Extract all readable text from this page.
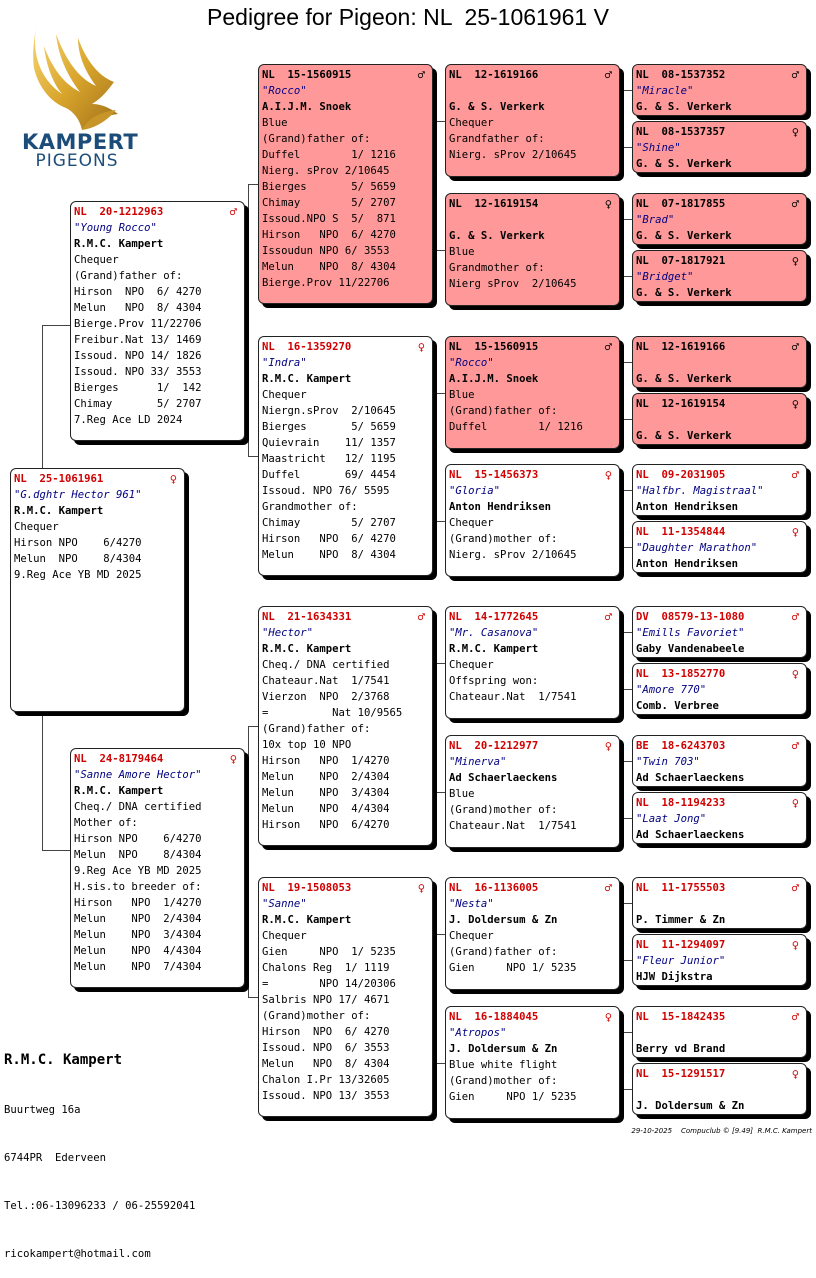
Pedigree for Pigeon: NL  25-1061961 V
KAMPERT
PIGEONS
NL  25-1061961	♀
"G.dghtr Hector 961"
R.M.C. Kampert
Chequer
Hirson NPO    6/4270
Melun  NPO    8/4304
9.Reg Ace YB MD 2025
NL  20-1212963	♂
"Young Rocco"
R.M.C. Kampert
Chequer
(Grand)father of:
Hirson  NPO  6/ 4270
Melun   NPO  8/ 4304
Bierge.Prov 11/22706
Freibur.Nat 13/ 1469
Issoud. NPO 14/ 1826
Issoud. NPO 33/ 3553
Bierges      1/  142
Chimay       5/ 2707
7.Reg Ace LD 2024
NL  24-8179464	♀
"Sanne Amore Hector"
R.M.C. Kampert
Cheq./ DNA certified
Mother of:
Hirson NPO    6/4270
Melun  NPO    8/4304
9.Reg Ace YB MD 2025
H.sis.to breeder of:
Hirson   NPO  1/4270
Melun    NPO  2/4304
Melun    NPO  3/4304
Melun    NPO  4/4304
Melun    NPO  7/4304
NL  15-1560915	♂
"Rocco"
A.I.J.M. Snoek
Blue
(Grand)father of:
Duffel        1/ 1216
Nierg. sProv 2/10645
Bierges       5/ 5659
Chimay        5/ 2707
Issoud.NPO S  5/  871
Hirson   NPO  6/ 4270
Issoudun NPO 6/ 3553
Melun    NPO  8/ 4304
Bierge.Prov 11/22706
NL  16-1359270	♀
"Indra"
R.M.C. Kampert
Chequer
Niergn.sProv  2/10645
Bierges       5/ 5659
Quievrain    11/ 1357
Maastricht   12/ 1195
Duffel       69/ 4454
Issoud. NPO 76/ 5595
Grandmother of:
Chimay        5/ 2707
Hirson   NPO  6/ 4270
Melun    NPO  8/ 4304
NL  21-1634331	♂
"Hector"
R.M.C. Kampert
Cheq./ DNA certified
Chateaur.Nat  1/7541
Vierzon  NPO  2/3768
=          Nat 10/9565
(Grand)father of:
10x top 10 NPO
Hirson   NPO  1/4270
Melun    NPO  2/4304
Melun    NPO  3/4304
Melun    NPO  4/4304
Hirson   NPO  6/4270
NL  19-1508053	♀
"Sanne"
R.M.C. Kampert
Chequer
Gien     NPO  1/ 5235
Chalons Reg  1/ 1119
=        NPO 14/20306
Salbris NPO 17/ 4671
(Grand)mother of:
Hirson  NPO  6/ 4270
Issoud. NPO  6/ 3553
Melun   NPO  8/ 4304
Chalon I.Pr 13/32605
Issoud. NPO 13/ 3553
NL  12-1619166	♂
G. & S. Verkerk
Chequer
Grandfather of:
Nierg. sProv 2/10645
NL  12-1619154	♀
G. & S. Verkerk
Blue
Grandmother of:
Nierg sProv  2/10645
NL  15-1560915	♂
"Rocco"
A.I.J.M. Snoek
Blue
(Grand)father of:
Duffel        1/ 1216
NL  15-1456373	♀
"Gloria"
Anton Hendriksen
Chequer
(Grand)mother of:
Nierg. sProv 2/10645
NL  14-1772645	♂
"Mr. Casanova"
R.M.C. Kampert
Chequer
Offspring won:
Chateaur.Nat  1/7541
NL  20-1212977	♀
"Minerva"
Ad Schaerlaeckens
Blue
(Grand)mother of:
Chateaur.Nat  1/7541
NL  16-1136005	♂
"Nesta"
J. Doldersum & Zn
Chequer
(Grand)father of:
Gien     NPO 1/ 5235
NL  16-1884045	♀
"Atropos"
J. Doldersum & Zn
Blue white flight
(Grand)mother of:
Gien     NPO 1/ 5235
NL  08-1537352	♂
"Miracle"
G. & S. Verkerk
NL  08-1537357	♀
"Shine"
G. & S. Verkerk
NL  07-1817855	♂
"Brad"
G. & S. Verkerk
NL  07-1817921	♀
"Bridget"
G. & S. Verkerk
NL  12-1619166	♂
G. & S. Verkerk
NL  12-1619154	♀
G. & S. Verkerk
NL  09-2031905	♂
"Halfbr. Magistraal"
Anton Hendriksen
NL  11-1354844	♀
"Daughter Marathon"
Anton Hendriksen
DV  08579-13-1080	♂
"Emills Favoriet"
Gaby Vandenabeele
NL  13-1852770	♀
"Amore 770"
Comb. Verbree
BE  18-6243703	♂
"Twin 703"
Ad Schaerlaeckens
NL  18-1194233	♀
"Laat Jong"
Ad Schaerlaeckens
NL  11-1755503	♂
P. Timmer & Zn
NL  11-1294097	♀
"Fleur Junior"
HJW Dijkstra
NL  15-1842435	♂
Berry vd Brand
NL  15-1291517	♀
J. Doldersum & Zn

R.M.C. Kampert

Buurtweg 16a

6744PR  Ederveen

Tel.:06-13096233 / 06-25592041

ricokampert@hotmail.com

29-10-2025    Compuclub © [9.49]  R.M.C. Kampert
